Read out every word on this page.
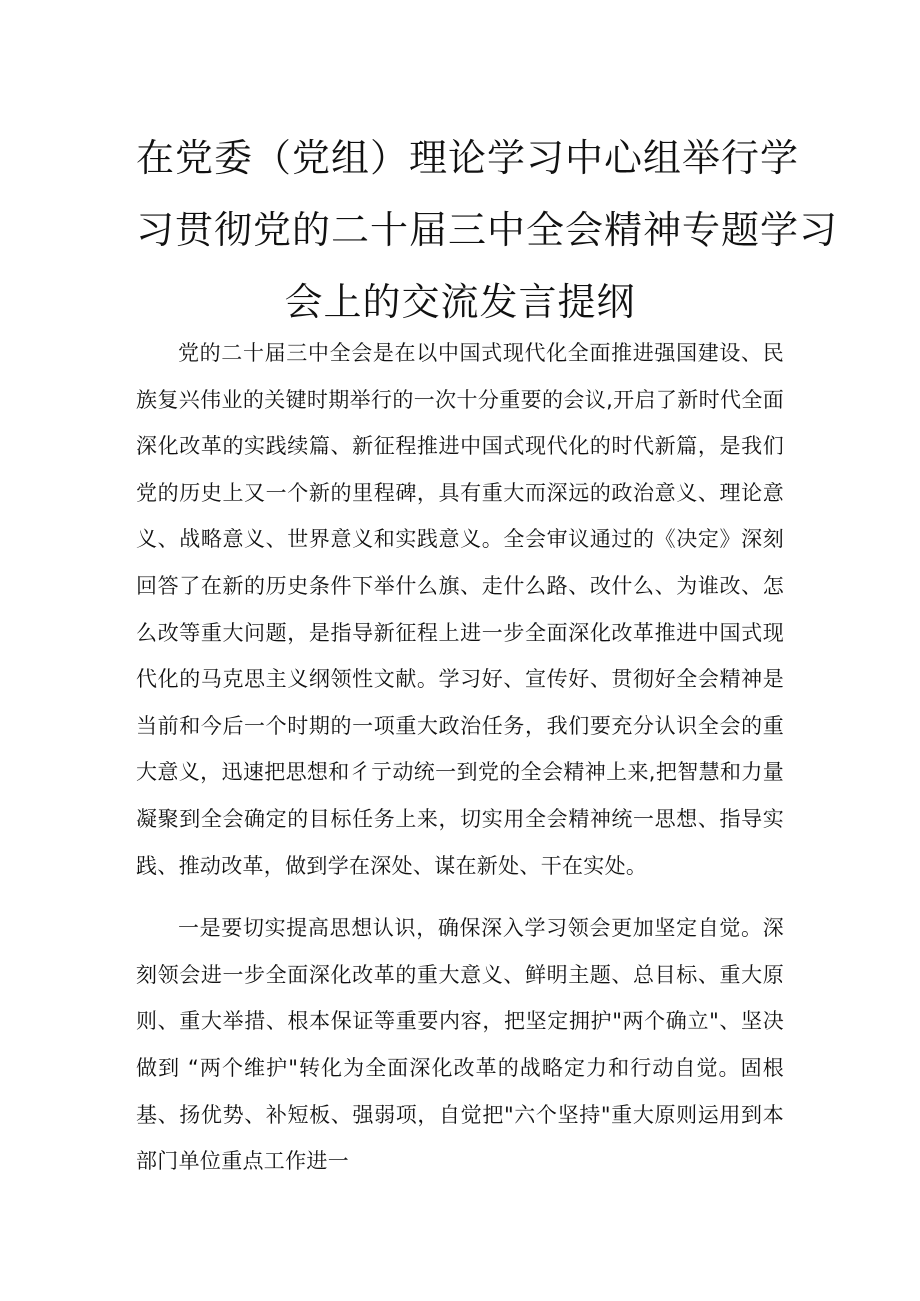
在党委（党组）理论学习中心组举行学
习贯彻党的二十届三中全会精神专题学习
会上的交流发言提纲

党的二十届三中全会是在以中国式现代化全面推进强国建设、民族复兴伟业的关键时期举行的一次十分重要的会议,开启了新时代全面深化改革的实践续篇、新征程推进中国式现代化的时代新篇，是我们党的历史上又一个新的里程碑，具有重大而深远的政治意义、理论意义、战略意义、世界意义和实践意义。全会审议通过的《决定》深刻回答了在新的历史条件下举什么旗、走什么路、改什么、为谁改、怎么改等重大问题，是指导新征程上进一步全面深化改革推进中国式现代化的马克思主义纲领性文献。学习好、宣传好、贯彻好全会精神是当前和今后一个时期的一项重大政治任务，我们要充分认识全会的重大意义，迅速把思想和彳亍动统一到党的全会精神上来,把智慧和力量凝聚到全会确定的目标任务上来，切实用全会精神统一思想、指导实践、推动改革，做到学在深处、谋在新处、干在实处。

一是要切实提高思想认识，确保深入学习领会更加坚定自觉。深刻领会进一步全面深化改革的重大意义、鲜明主题、总目标、重大原则、重大举措、根本保证等重要内容，把坚定拥护"两个确立"、坚决做到 “两个维护"转化为全面深化改革的战略定力和行动自觉。固根基、扬优势、补短板、强弱项，自觉把"六个坚持"重大原则运用到本部门单位重点工作进一
